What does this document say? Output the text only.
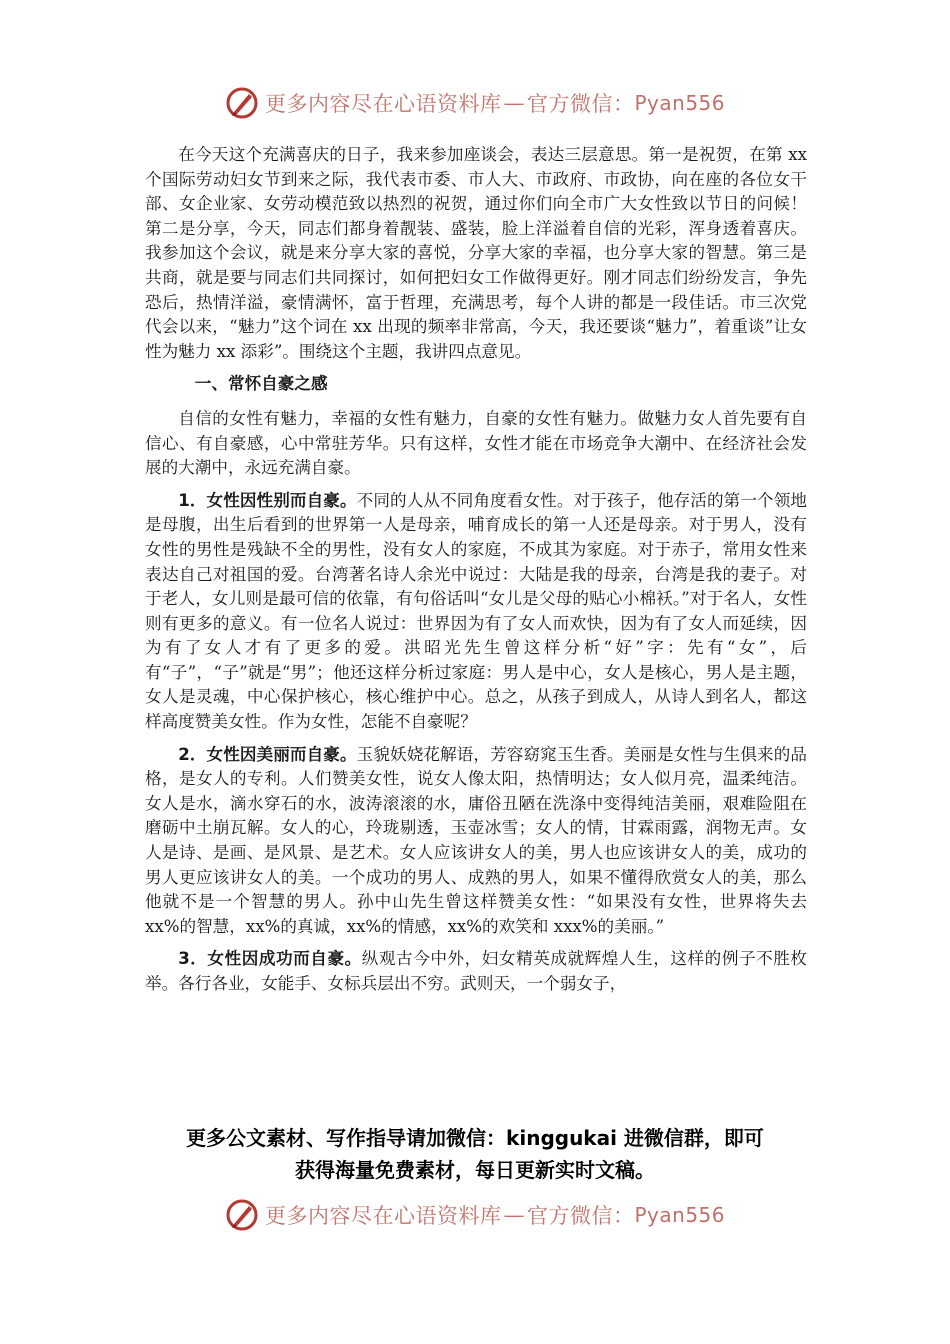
更多内容尽在心语资料库 — 官方微信： Pyan556

在今天这个充满喜庆的日子，我来参加座谈会，表达三层意思。第一是祝贺，在第 xx 个国际劳动妇女节到来之际，我代表市委、市人大、市政府、市政协，向在座的各位女干部、女企业家、女劳动模范致以热烈的祝贺，通过你们向全市广大女性致以节日的问候！第二是分享，今天，同志们都身着靓装、盛装，脸上洋溢着自信的光彩，浑身透着喜庆。我参加这个会议，就是来分享大家的喜悦，分享大家的幸福，也分享大家的智慧。第三是共商，就是要与同志们共同探讨，如何把妇女工作做得更好。刚才同志们纷纷发言，争先恐后，热情洋溢，豪情满怀，富于哲理，充满思考，每个人讲的都是一段佳话。市三次党代会以来，“魅力”这个词在 xx 出现的频率非常高，今天，我还要谈“魅力”，着重谈”让女性为魅力 xx 添彩”。围绕这个主题，我讲四点意见。

一、常怀自豪之感

自信的女性有魅力，幸福的女性有魅力，自豪的女性有魅力。做魅力女人首先要有自信心、有自豪感，心中常驻芳华。只有这样，女性才能在市场竞争大潮中、在经济社会发展的大潮中，永远充满自豪。

1．女性因性别而自豪。不同的人从不同角度看女性。对于孩子，他存活的第一个领地是母腹，出生后看到的世界第一人是母亲，哺育成长的第一人还是母亲。对于男人，没有女性的男性是残缺不全的男性，没有女人的家庭，不成其为家庭。对于赤子，常用女性来表达自己对祖国的爱。台湾著名诗人余光中说过：大陆是我的母亲，台湾是我的妻子。对于老人，女儿则是最可信的依靠，有句俗话叫“女儿是父母的贴心小棉袄。”对于名人，女性则有更多的意义。有一位名人说过：世界因为有了女人而欢快，因为有了女人而延续，因为有了女人才有了更多的爱。洪昭光先生曾这样分析“好”字：先有“女”，后有“子”，“子”就是“男”；他还这样分析过家庭：男人是中心，女人是核心，男人是主题，女人是灵魂，中心保护核心，核心维护中心。总之，从孩子到成人，从诗人到名人，都这样高度赞美女性。作为女性，怎能不自豪呢？

2．女性因美丽而自豪。玉貌妖娆花解语，芳容窈窕玉生香。美丽是女性与生俱来的品格，是女人的专利。人们赞美女性，说女人像太阳，热情明达；女人似月亮，温柔纯洁。女人是水，滴水穿石的水，波涛滚滚的水，庸俗丑陋在洗涤中变得纯洁美丽，艰难险阻在磨砺中土崩瓦解。女人的心，玲珑剔透，玉壶冰雪；女人的情，甘霖雨露，润物无声。女人是诗、是画、是风景、是艺术。女人应该讲女人的美，男人也应该讲女人的美，成功的男人更应该讲女人的美。一个成功的男人、成熟的男人，如果不懂得欣赏女人的美，那么他就不是一个智慧的男人。孙中山先生曾这样赞美女性：“如果没有女性，世界将失去 xx%的智慧，xx%的真诚，xx%的情感，xx%的欢笑和 xxx%的美丽。”

3．女性因成功而自豪。纵观古今中外，妇女精英成就辉煌人生，这样的例子不胜枚举。各行各业，女能手、女标兵层出不穷。武则天，一个弱女子，

更多公文素材、写作指导请加微信：kinggukai 进微信群，即可
获得海量免费素材，每日更新实时文稿。
更多内容尽在心语资料库 — 官方微信： Pyan556
